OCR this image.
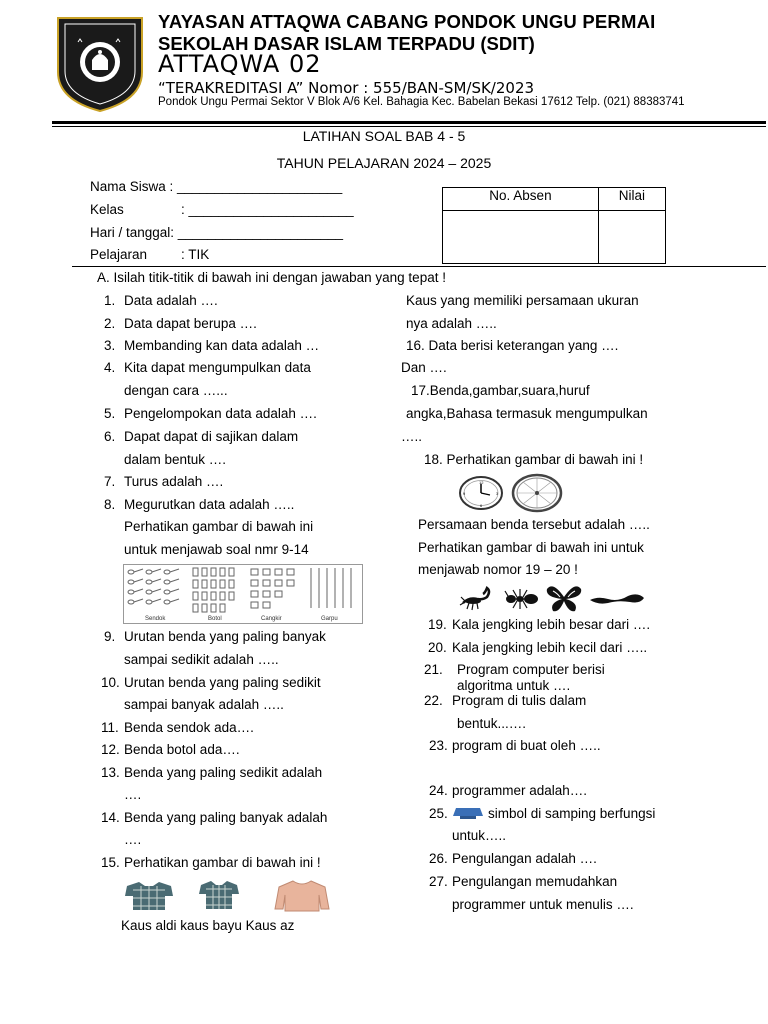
YAYASAN ATTAQWA CABANG PONDOK UNGU PERMAI
SEKOLAH DASAR ISLAM TERPADU (SDIT)
ATTAQWA 02
“TERAKREDITASI A” Nomor : 555/BAN-SM/SK/2023
Pondok Ungu Permai Sektor V Blok A/6 Kel. Bahagia Kec. Babelan Bekasi 17612 Telp. (021) 88383741
LATIHAN SOAL BAB 4 - 5
TAHUN PELAJARAN 2024 – 2025
Nama Siswa : ______________________
Kelas	: ______________________
Hari / tanggal: ______________________
Pelajaran	: TIK
No. Absen	Nilai

A. Isilah titik-titik di bawah ini dengan jawaban yang tepat !
1. Data adalah ….
2. Data dapat berupa ….
3. Membanding kan data adalah …
4. Kita dapat mengumpulkan data
dengan cara …...
5. Pengelompokan data adalah ….
6. Dapat dapat di sajikan dalam
dalam bentuk ….
7. Turus adalah ….
8. Megurutkan data adalah …..
Perhatikan gambar di bawah ini
untuk menjawab soal nmr 9-14
Sendok	Botol	Cangkir	Garpu
9. Urutan benda yang paling banyak
sampai sedikit adalah …..
10. Urutan benda yang paling sedikit
sampai banyak adalah …..
11. Benda sendok ada….
12. Benda botol ada….
13. Benda yang paling sedikit adalah
….
14. Benda yang paling banyak adalah
….
15. Perhatikan gambar di bawah ini !
Kaus aldi kaus bayu Kaus az
Kaus yang memiliki persamaan ukuran
nya adalah …..
16. Data berisi keterangan yang ….
Dan ….
17.Benda,gambar,suara,huruf
angka,Bahasa termasuk mengumpulkan
…..
18. Perhatikan gambar di bawah ini !
12
3
6
9
Persamaan benda tersebut adalah …..
Perhatikan gambar di bawah ini untuk
menjawab nomor 19 – 20 !
19. Kala jengking lebih besar dari ….
20. Kala jengking lebih kecil dari …..
21. Program computer berisi
algoritma untuk ….
22. Program di tulis dalam
bentuk...….
23. program di buat oleh …..
24. programmer adalah….
25.	simbol di samping berfungsi
untuk…..
26. Pengulangan adalah ….
27. Pengulangan memudahkan
programmer untuk menulis ….
